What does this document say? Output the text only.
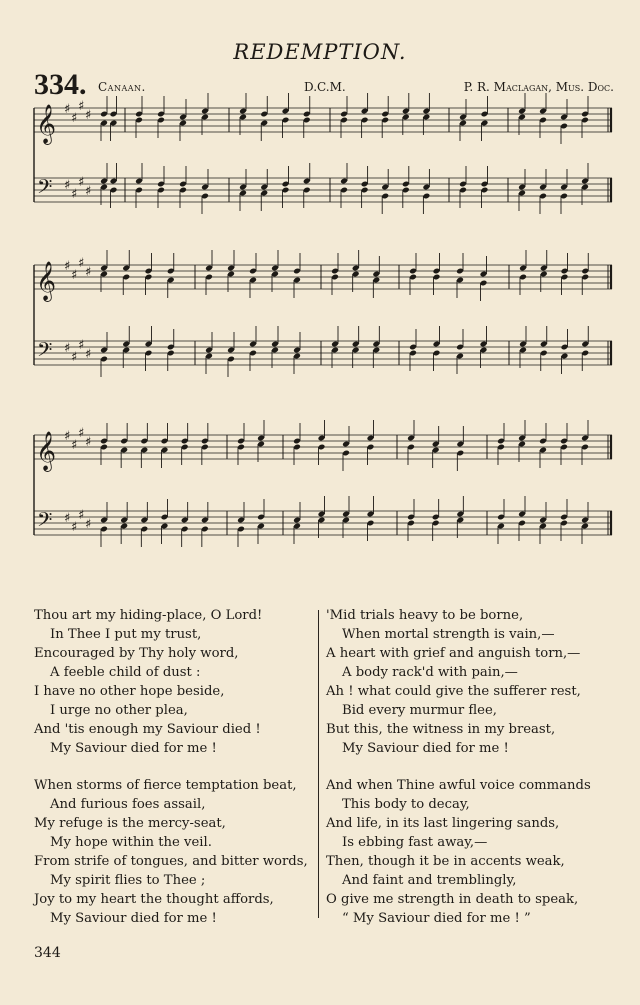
REDEMPTION.
334. Canaan.	D.C.M.	P. R. Maclagan, Mus. Doc.
𝄞 ♯
♯
♯
♯
𝄢 ♯
♯
♯
♯
𝄞 ♯
♯
♯
♯
𝄢 ♯
♯
♯
♯
𝄞 ♯
♯
♯
♯
𝄢 ♯
♯
♯
♯
Thou art my hiding-place, O Lord!
In Thee I put my trust,
Encouraged by Thy holy word,
A feeble child of dust :
I have no other hope beside,
I urge no other plea,
And 'tis enough my Saviour died !
My Saviour died for me !
When storms of fierce temptation beat,
And furious foes assail,
My refuge is the mercy-seat,
My hope within the veil.
From strife of tongues, and bitter words,
My spirit flies to Thee ;
Joy to my heart the thought affords,
My Saviour died for me !
'Mid trials heavy to be borne,
When mortal strength is vain,—
A heart with grief and anguish torn,—
A body rack'd with pain,—
Ah ! what could give the sufferer rest,
Bid every murmur flee,
But this, the witness in my breast,
My Saviour died for me !
And when Thine awful voice commands
This body to decay,
And life, in its last lingering sands,
Is ebbing fast away,—
Then, though it be in accents weak,
And faint and tremblingly,
O give me strength in death to speak,
“ My Saviour died for me ! ”
344
